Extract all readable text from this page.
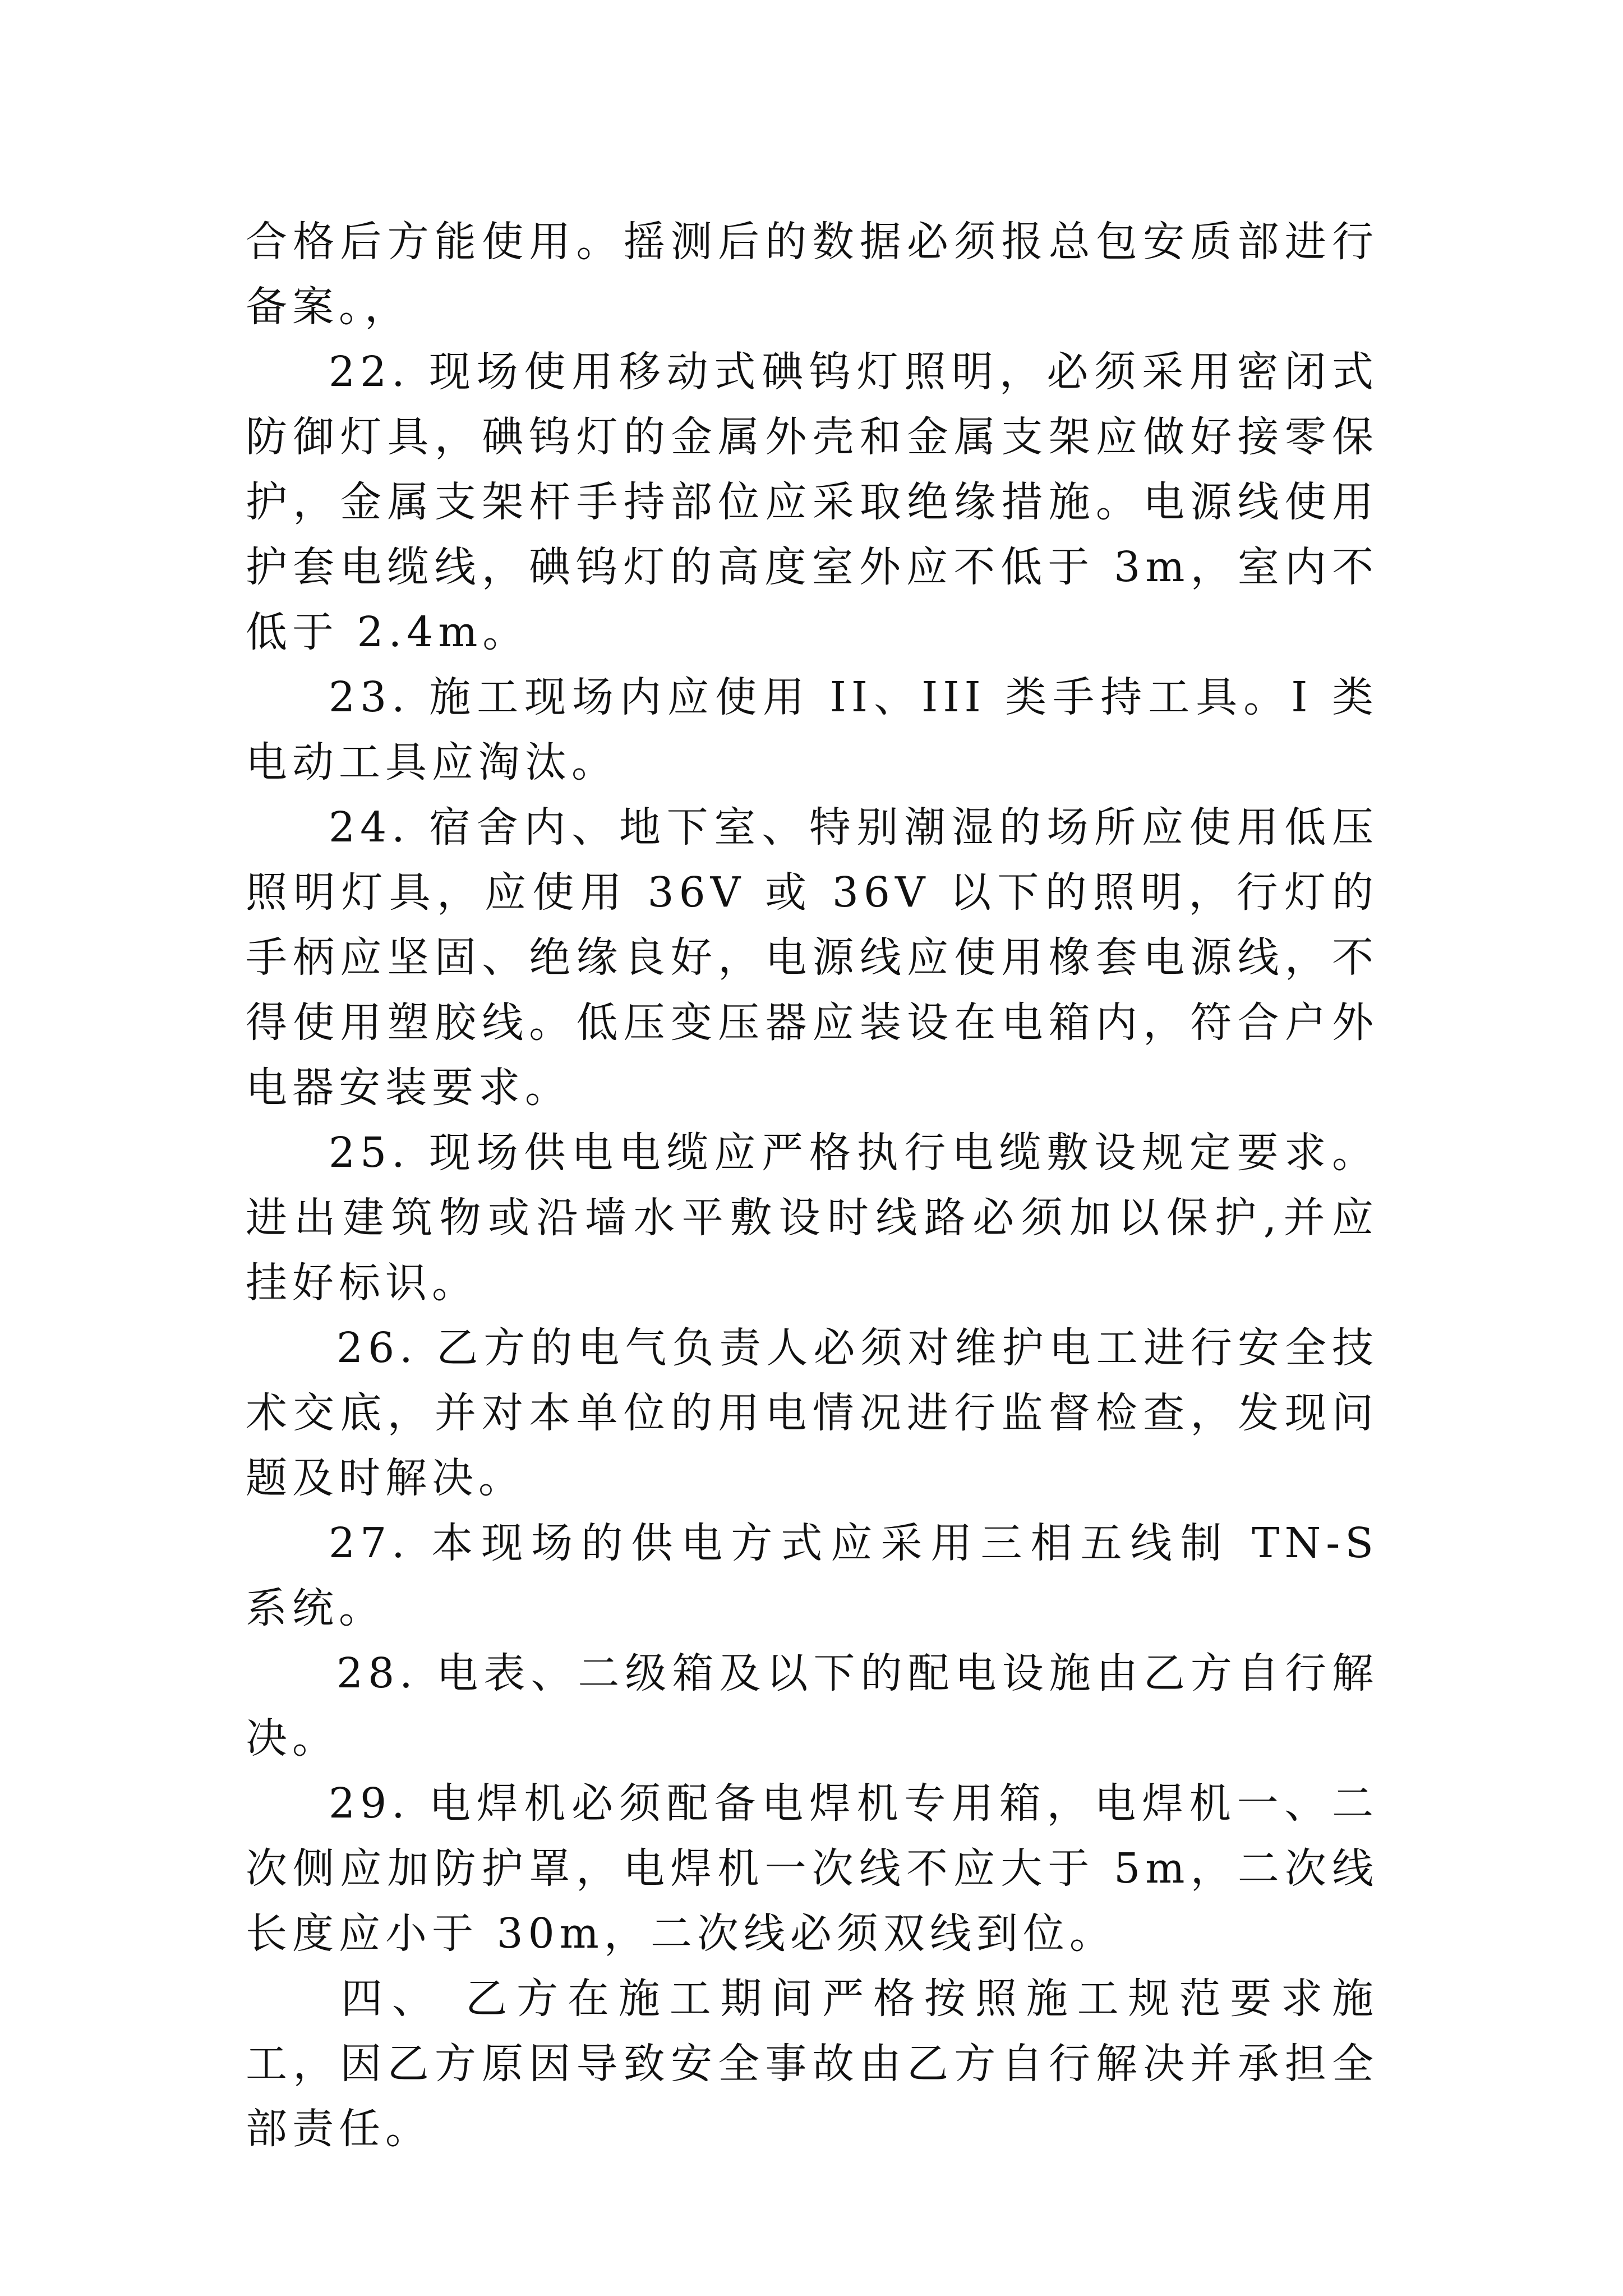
合格后方能使用。摇测后的数据必须报总包安质部进行备案。，

22. 现场使用移动式碘钨灯照明，必须采用密闭式防御灯具，碘钨灯的金属外壳和金属支架应做好接零保护，金属支架杆手持部位应采取绝缘措施。电源线使用护套电缆线，碘钨灯的高度室外应不低于 3m，室内不低于 2.4m。

23. 施工现场内应使用 II、III 类手持工具。I 类电动工具应淘汰。

24. 宿舍内、地下室、特别潮湿的场所应使用低压照明灯具，应使用 36V 或 36V 以下的照明，行灯的手柄应坚固、绝缘良好，电源线应使用橡套电源线，不得使用塑胶线。低压变压器应装设在电箱内，符合户外电器安装要求。

25. 现场供电电缆应严格执行电缆敷设规定要求。进出建筑物或沿墙水平敷设时线路必须加以保护,并应挂好标识。

26. 乙方的电气负责人必须对维护电工进行安全技术交底，并对本单位的用电情况进行监督检查，发现问题及时解决。

27. 本现场的供电方式应采用三相五线制 TN-S 系统。

28. 电表、二级箱及以下的配电设施由乙方自行解决。

29. 电焊机必须配备电焊机专用箱，电焊机一、二次侧应加防护罩，电焊机一次线不应大于 5m，二次线长度应小于 30m，二次线必须双线到位。

四、 乙方在施工期间严格按照施工规范要求施工，因乙方原因导致安全事故由乙方自行解决并承担全部责任。
